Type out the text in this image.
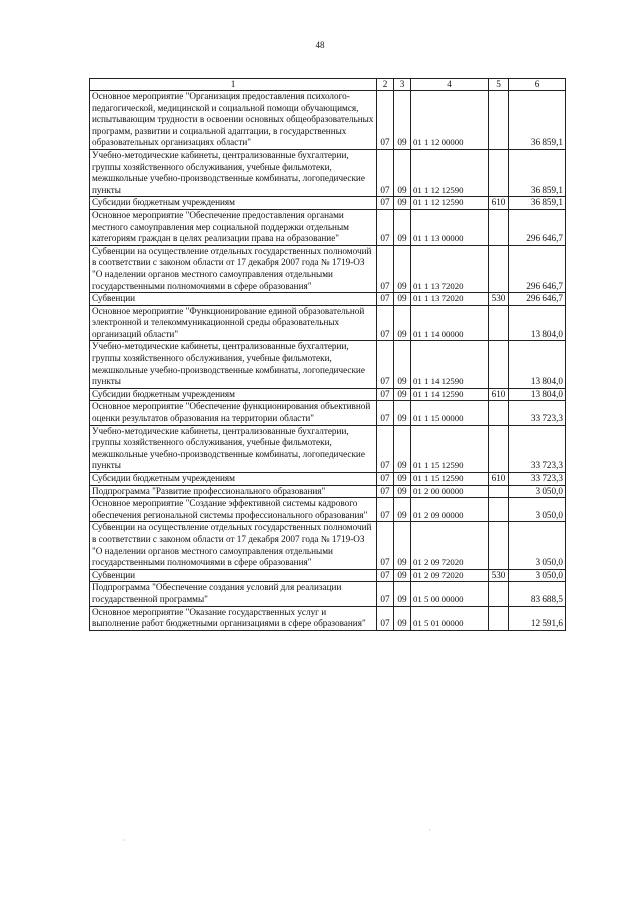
48
1	2	3	4	5	6
Основное мероприятие "Организация предоставления психолого-педагогической, медицинской и социальной помощи обучающимся, испытывающим трудности в освоении основных общеобразовательных программ, развитии и социальной адаптации, в государственных образовательных организациях области"	07	09	01 1 12 00000		36 859,1
Учебно-методические кабинеты, централизованные бухгалтерии, группы хозяйственного обслуживания, учебные фильмотеки, межшкольные учебно-производственные комбинаты, логопедические пункты	07	09	01 1 12 12590		36 859,1
Субсидии бюджетным учреждениям	07	09	01 1 12 12590	610	36 859,1
Основное мероприятие "Обеспечение предоставления органами местного самоуправления мер социальной поддержки отдельным категориям граждан в целях реализации права на образование"	07	09	01 1 13 00000		296 646,7
Субвенции на осуществление отдельных государственных полномочий в соответствии с законом области от 17 декабря 2007 года № 1719-ОЗ "О наделении органов местного самоуправления отдельными государственными полномочиями в сфере образования"	07	09	01 1 13 72020		296 646,7
Субвенции	07	09	01 1 13 72020	530	296 646,7
Основное мероприятие "Функционирование единой образовательной электронной и телекоммуникационной среды образовательных организаций области"	07	09	01 1 14 00000		13 804,0
Учебно-методические кабинеты, централизованные бухгалтерии, группы хозяйственного обслуживания, учебные фильмотеки, межшкольные учебно-производственные комбинаты, логопедические пункты	07	09	01 1 14 12590		13 804,0
Субсидии бюджетным учреждениям	07	09	01 1 14 12590	610	13 804,0
Основное мероприятие "Обеспечение функционирования объективной оценки результатов образования на территории области"	07	09	01 1 15 00000		33 723,3
Учебно-методические кабинеты, централизованные бухгалтерии, группы хозяйственного обслуживания, учебные фильмотеки, межшкольные учебно-производственные комбинаты, логопедические пункты	07	09	01 1 15 12590		33 723,3
Субсидии бюджетным учреждениям	07	09	01 1 15 12590	610	33 723,3
Подпрограмма "Развитие профессионального образования"	07	09	01 2 00 00000		3 050,0
Основное мероприятие "Создание эффективной системы кадрового обеспечения региональной системы профессионального образования"	07	09	01 2 09 00000		3 050,0
Субвенции на осуществление отдельных государственных полномочий в соответствии с законом области от 17 декабря 2007 года № 1719-ОЗ "О наделении органов местного самоуправления отдельными государственными полномочиями в сфере образования"	07	09	01 2 09 72020		3 050,0
Субвенции	07	09	01 2 09 72020	530	3 050,0
Подпрограмма "Обеспечение создания условий для реализации государственной программы"	07	09	01 5 00 00000		83 688,5
Основное мероприятие "Оказание государственных услуг и выполнение работ бюджетными организациями в сфере образования"	07	09	01 5 01 00000		12 591,6
·
·
